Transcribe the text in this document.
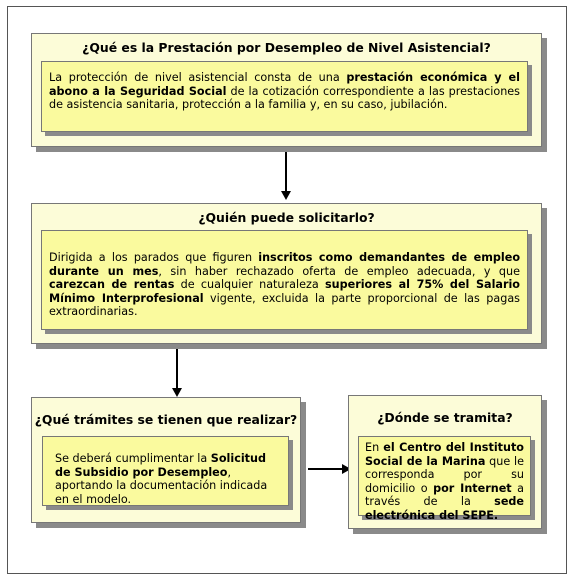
¿Qué es la Prestación por Desempleo de Nivel Asistencial?
La protección de nivel asistencial consta de una prestación económica y el abono a la Seguridad Social de la cotización correspondiente a las prestaciones de asistencia sanitaria, protección a la familia y, en su caso, jubilación.
¿Quién puede solicitarlo?
Dirigida a los parados que figuren inscritos como demandantes de empleo durante un mes, sin haber rechazado oferta de empleo adecuada, y que carezcan de rentas de cualquier naturaleza superiores al 75% del Salario Mínimo Interprofesional vigente, excluida la parte proporcional de las pagas extraordinarias.
¿Qué trámites se tienen que realizar?
Se deberá cumplimentar la Solicitud de Subsidio por Desempleo, aportando la documentación indicada en el modelo.
¿Dónde se tramita?
En el Centro del Instituto Social de la Marina que le corresponda por su domicilio o por Internet a través de la sede electrónica del SEPE.
